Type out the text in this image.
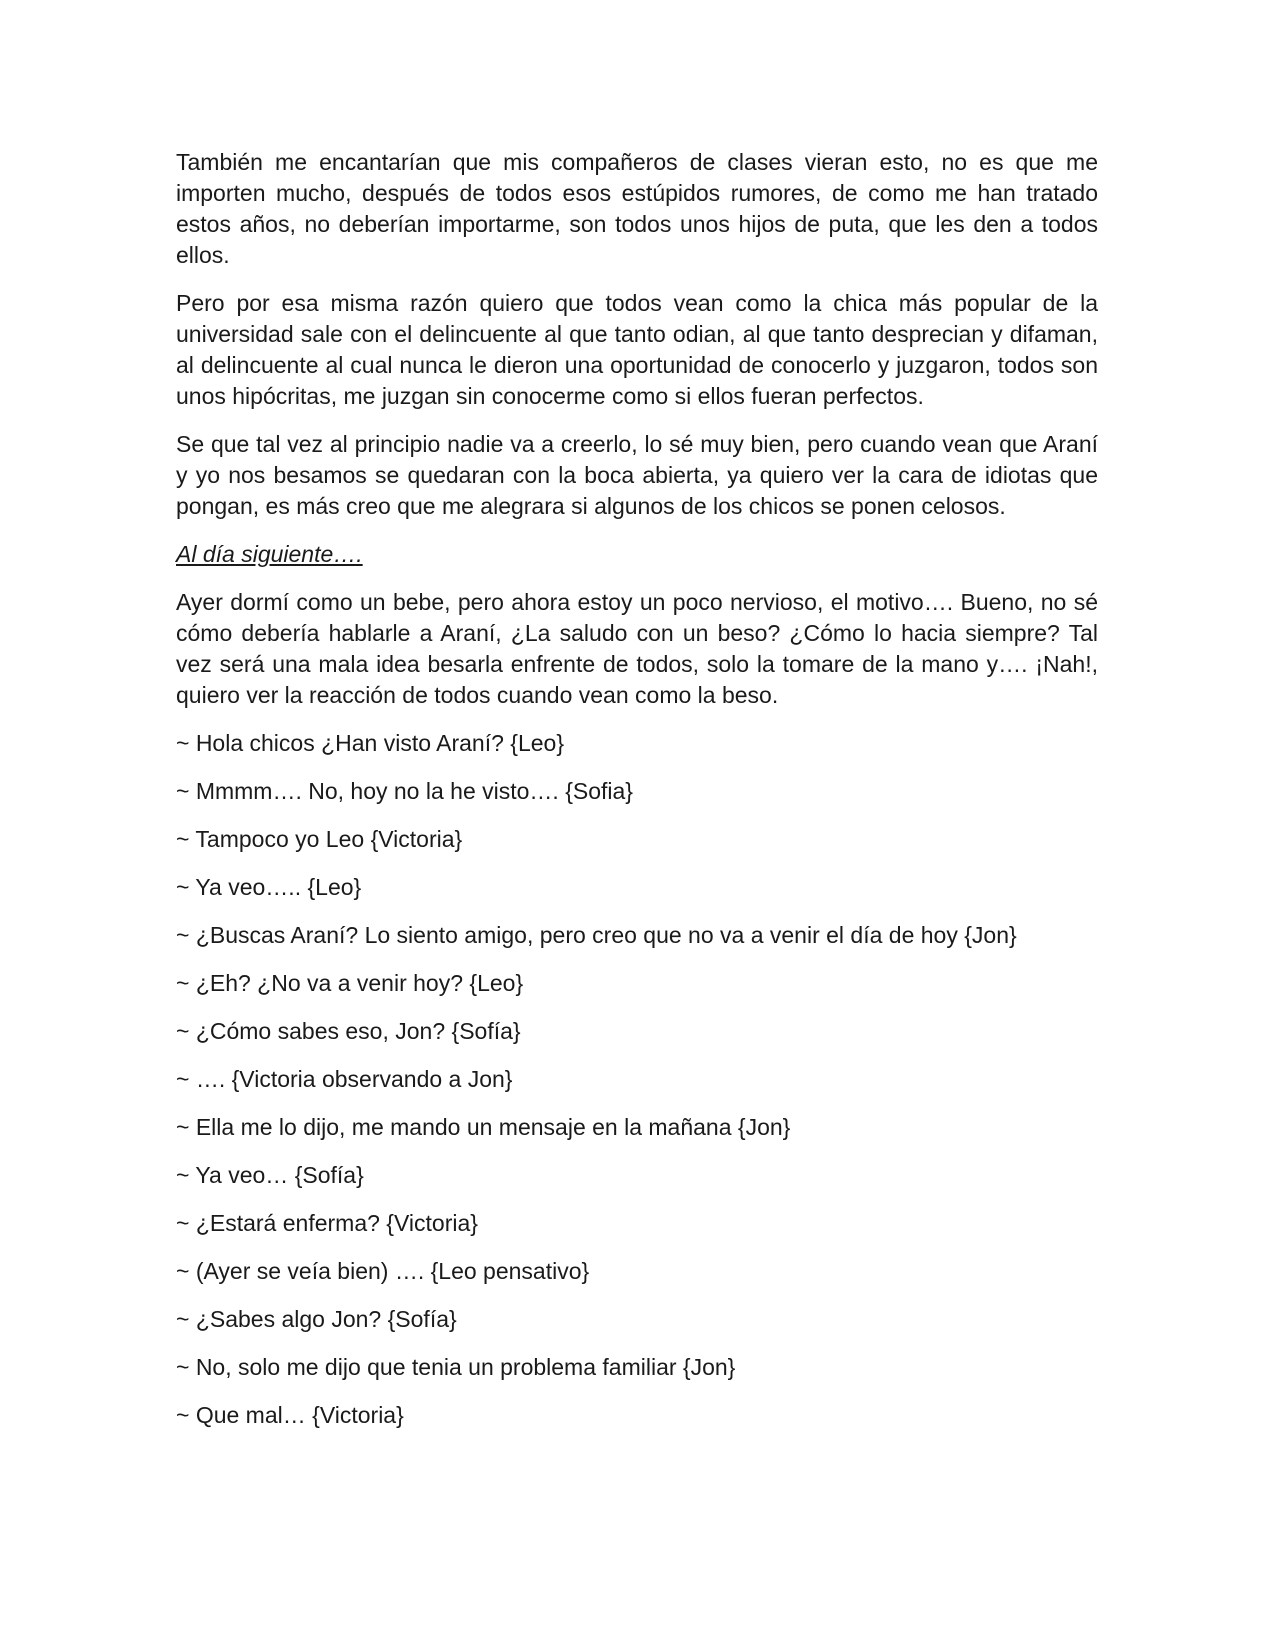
También me encantarían que mis compañeros de clases vieran esto, no es que me importen mucho, después de todos esos estúpidos rumores, de como me han tratado estos años, no deberían importarme, son todos unos hijos de puta, que les den a todos ellos.

Pero por esa misma razón quiero que todos vean como la chica más popular de la universidad sale con el delincuente al que tanto odian, al que tanto desprecian y difaman, al delincuente al cual nunca le dieron una oportunidad de conocerlo y juzgaron, todos son unos hipócritas, me juzgan sin conocerme como si ellos fueran perfectos.

Se que tal vez al principio nadie va a creerlo, lo sé muy bien, pero cuando vean que Araní y yo nos besamos se quedaran con la boca abierta, ya quiero ver la cara de idiotas que pongan, es más creo que me alegrara si algunos de los chicos se ponen celosos.

Al día siguiente….

Ayer dormí como un bebe, pero ahora estoy un poco nervioso, el motivo…. Bueno, no sé cómo debería hablarle a Araní, ¿La saludo con un beso? ¿Cómo lo hacia siempre? Tal vez será una mala idea besarla enfrente de todos, solo la tomare de la mano y…. ¡Nah!, quiero ver la reacción de todos cuando vean como la beso.

~ Hola chicos ¿Han visto Araní? {Leo}
~ Mmmm…. No, hoy no la he visto…. {Sofia}
~ Tampoco yo Leo {Victoria}
~ Ya veo….. {Leo}
~ ¿Buscas Araní? Lo siento amigo, pero creo que no va a venir el día de hoy {Jon}
~ ¿Eh? ¿No va a venir hoy? {Leo}
~ ¿Cómo sabes eso, Jon? {Sofía}
~ …. {Victoria observando a Jon}
~ Ella me lo dijo, me mando un mensaje en la mañana {Jon}
~ Ya veo… {Sofía}
~ ¿Estará enferma? {Victoria}
~ (Ayer se veía bien) …. {Leo pensativo}
~ ¿Sabes algo Jon? {Sofía}
~ No, solo me dijo que tenia un problema familiar {Jon}
~ Que mal… {Victoria}
